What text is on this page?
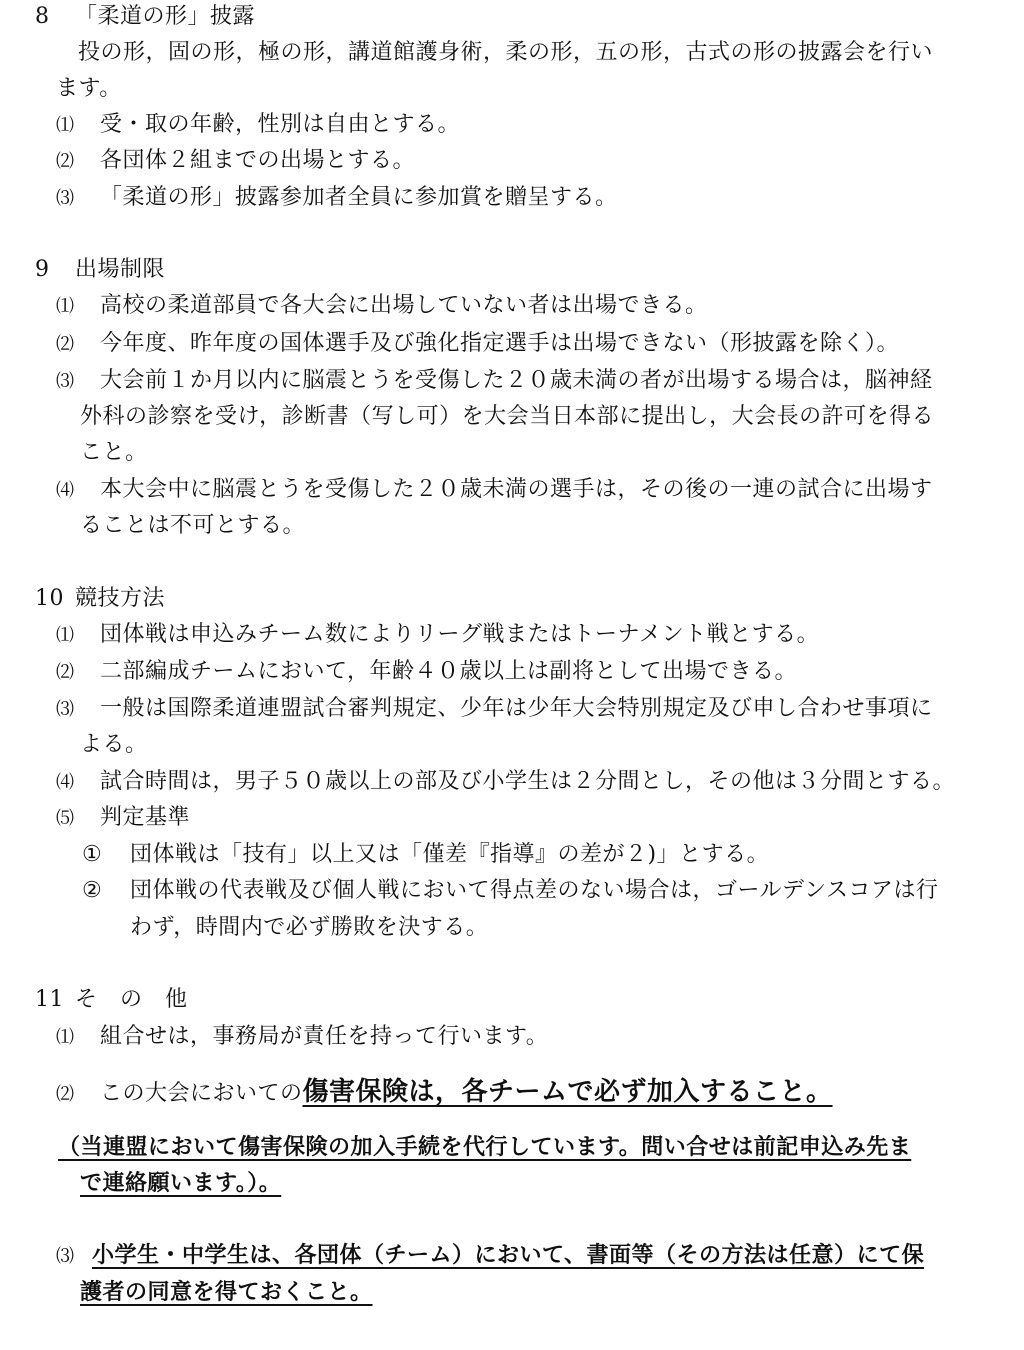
8 「柔道の形」披露
投の形，固の形，極の形，講道館護身術，柔の形，五の形，古式の形の披露会を行い
ます。
⑴ 受・取の年齢，性別は自由とする。
⑵ 各団体２組までの出場とする。
⑶ 「柔道の形」披露参加者全員に参加賞を贈呈する。
9 出場制限
⑴ 高校の柔道部員で各大会に出場していない者は出場できる。
⑵ 今年度、昨年度の国体選手及び強化指定選手は出場できない（形披露を除く）。
⑶ 大会前１か月以内に脳震とうを受傷した２０歳未満の者が出場する場合は，脳神経
外科の診察を受け，診断書（写し可）を大会当日本部に提出し，大会長の許可を得る
こと。
⑷ 本大会中に脳震とうを受傷した２０歳未満の選手は，その後の一連の試合に出場す
ることは不可とする。
10 競技方法
⑴ 団体戦は申込みチーム数によりリーグ戦またはトーナメント戦とする。
⑵ 二部編成チームにおいて，年齢４０歳以上は副将として出場できる。
⑶ 一般は国際柔道連盟試合審判規定、少年は少年大会特別規定及び申し合わせ事項に
よる。
⑷ 試合時間は，男子５０歳以上の部及び小学生は２分間とし，その他は３分間とする。
⑸ 判定基準
① 団体戦は「技有」以上又は「僅差『指導』の差が２)」とする。
② 団体戦の代表戦及び個人戦において得点差のない場合は，ゴールデンスコアは行
わず，時間内で必ず勝敗を決する。
11 そ　の　他
⑴ 組合せは，事務局が責任を持って行います。
⑵ この大会においての傷害保険は，各チームで必ず加入すること。
（当連盟において傷害保険の加入手続を代行しています。問い合せは前記申込み先ま
で連絡願います。）。
⑶ 小学生・中学生は、各団体（チーム）において、書面等（その方法は任意）にて保
護者の同意を得ておくこと。
